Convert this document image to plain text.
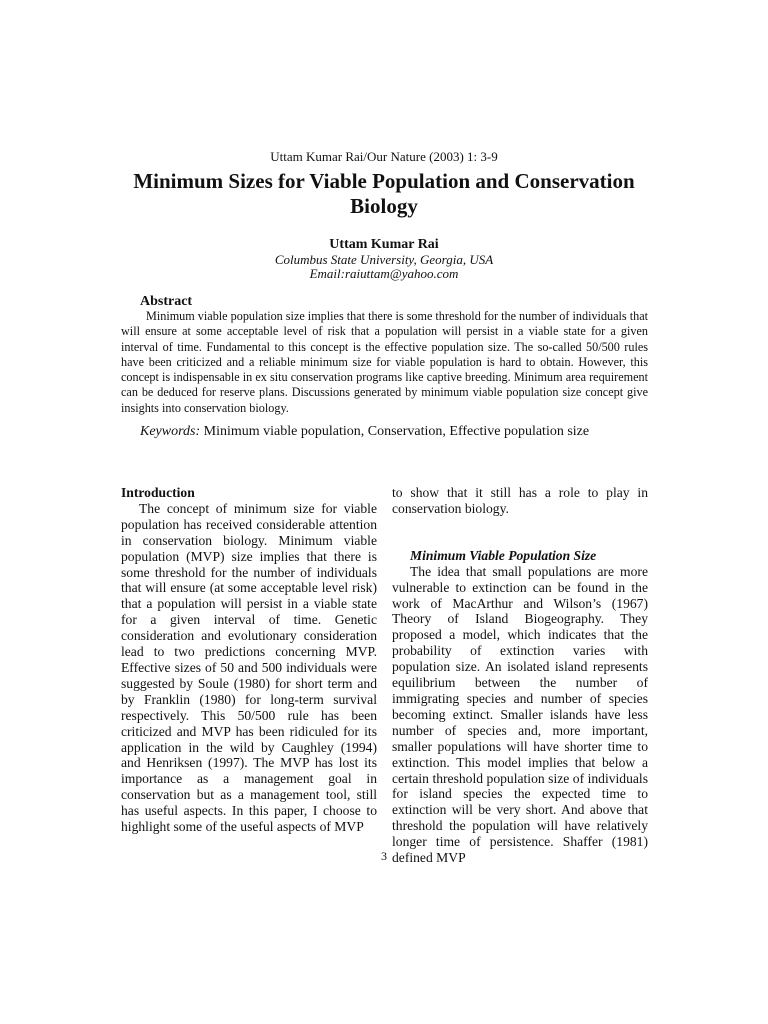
Uttam Kumar Rai/Our Nature (2003) 1: 3-9
Minimum Sizes for Viable Population and Conservation Biology
Uttam Kumar Rai
Columbus State University, Georgia, USA
Email:raiuttam@yahoo.com
Abstract

Minimum viable population size implies that there is some threshold for the number of individuals that will ensure at some acceptable level of risk that a population will persist in a viable state for a given interval of time. Fundamental to this concept is the effective population size. The so-called 50/500 rules have been criticized and a reliable minimum size for viable population is hard to obtain. However, this concept is indispensable in ex situ conservation programs like captive breeding. Minimum area requirement can be deduced for reserve plans. Discussions generated by minimum viable population size concept give insights into conservation biology.

Keywords: Minimum viable population, Conservation, Effective population size

Introduction

The concept of minimum size for viable population has received considerable attention in conservation biology. Minimum viable population (MVP) size implies that there is some threshold for the number of individuals that will ensure (at some acceptable level risk) that a population will persist in a viable state for a given interval of time. Genetic consideration and evolutionary consideration lead to two predictions concerning MVP. Effective sizes of 50 and 500 individuals were suggested by Soule (1980) for short term and by Franklin (1980) for long-term survival respectively. This 50/500 rule has been criticized and MVP has been ridiculed for its application in the wild by Caughley (1994) and Henriksen (1997). The MVP has lost its importance as a management goal in conservation but as a management tool, still has useful aspects. In this paper, I choose to highlight some of the useful aspects of MVP

to show that it still has a role to play in conservation biology.

Minimum Viable Population Size

The idea that small populations are more vulnerable to extinction can be found in the work of MacArthur and Wilson’s (1967) Theory of Island Biogeography. They proposed a model, which indicates that the probability of extinction varies with population size. An isolated island represents equilibrium between the number of immigrating species and number of species becoming extinct. Smaller islands have less number of species and, more important, smaller populations will have shorter time to extinction. This model implies that below a certain threshold population size of individuals for island species the expected time to extinction will be very short. And above that threshold the population will have relatively longer time of persistence. Shaffer (1981) defined MVP

3
